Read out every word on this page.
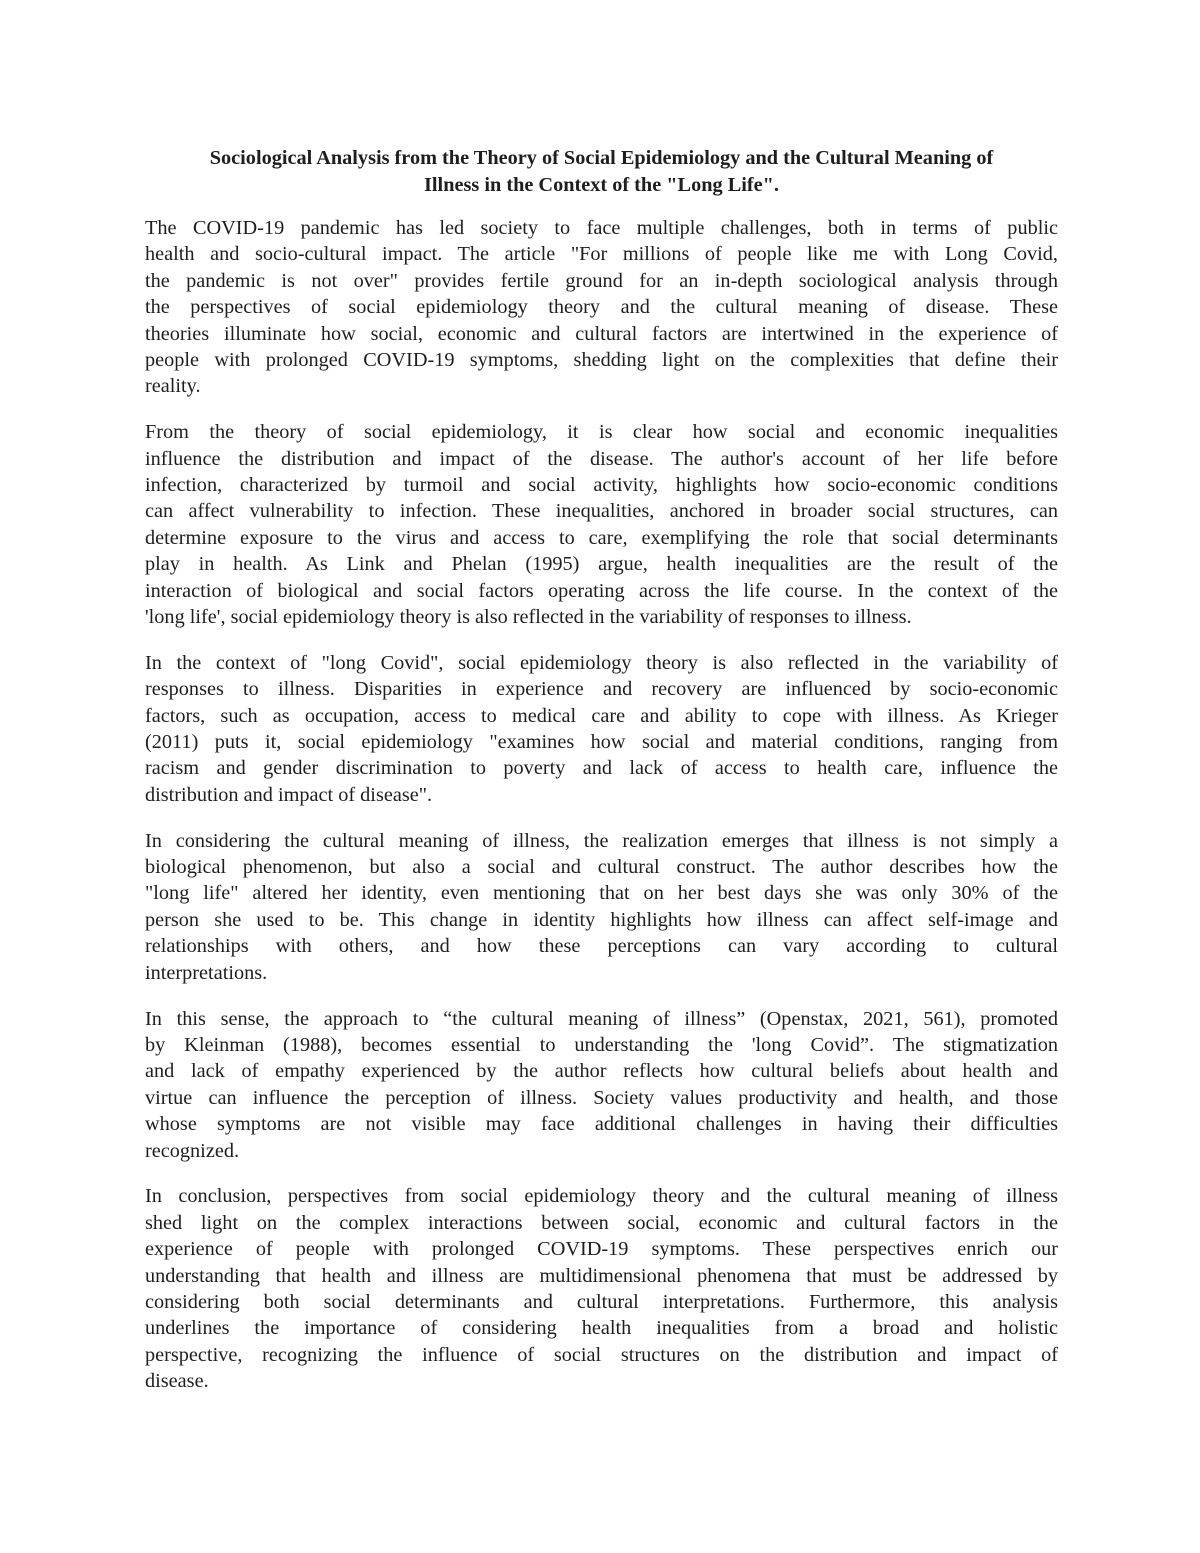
Sociological Analysis from the Theory of Social Epidemiology and the Cultural Meaning of
Illness in the Context of the "Long Life".
The COVID-19 pandemic has led society to face multiple challenges, both in terms of public
health and socio-cultural impact. The article "For millions of people like me with Long Covid,
the pandemic is not over" provides fertile ground for an in-depth sociological analysis through
the perspectives of social epidemiology theory and the cultural meaning of disease. These
theories illuminate how social, economic and cultural factors are intertwined in the experience of
people with prolonged COVID-19 symptoms, shedding light on the complexities that define their
reality.
From the theory of social epidemiology, it is clear how social and economic inequalities
influence the distribution and impact of the disease. The author's account of her life before
infection, characterized by turmoil and social activity, highlights how socio-economic conditions
can affect vulnerability to infection. These inequalities, anchored in broader social structures, can
determine exposure to the virus and access to care, exemplifying the role that social determinants
play in health. As Link and Phelan (1995) argue, health inequalities are the result of the
interaction of biological and social factors operating across the life course. In the context of the
'long life', social epidemiology theory is also reflected in the variability of responses to illness.
In the context of "long Covid", social epidemiology theory is also reflected in the variability of
responses to illness. Disparities in experience and recovery are influenced by socio-economic
factors, such as occupation, access to medical care and ability to cope with illness. As Krieger
(2011) puts it, social epidemiology "examines how social and material conditions, ranging from
racism and gender discrimination to poverty and lack of access to health care, influence the
distribution and impact of disease".
In considering the cultural meaning of illness, the realization emerges that illness is not simply a
biological phenomenon, but also a social and cultural construct. The author describes how the
"long life" altered her identity, even mentioning that on her best days she was only 30% of the
person she used to be. This change in identity highlights how illness can affect self-image and
relationships with others, and how these perceptions can vary according to cultural
interpretations.
In this sense, the approach to “the cultural meaning of illness” (Openstax, 2021, 561), promoted
by Kleinman (1988), becomes essential to understanding the 'long Covid”. The stigmatization
and lack of empathy experienced by the author reflects how cultural beliefs about health and
virtue can influence the perception of illness. Society values productivity and health, and those
whose symptoms are not visible may face additional challenges in having their difficulties
recognized.
In conclusion, perspectives from social epidemiology theory and the cultural meaning of illness
shed light on the complex interactions between social, economic and cultural factors in the
experience of people with prolonged COVID-19 symptoms. These perspectives enrich our
understanding that health and illness are multidimensional phenomena that must be addressed by
considering both social determinants and cultural interpretations. Furthermore, this analysis
underlines the importance of considering health inequalities from a broad and holistic
perspective, recognizing the influence of social structures on the distribution and impact of
disease.
